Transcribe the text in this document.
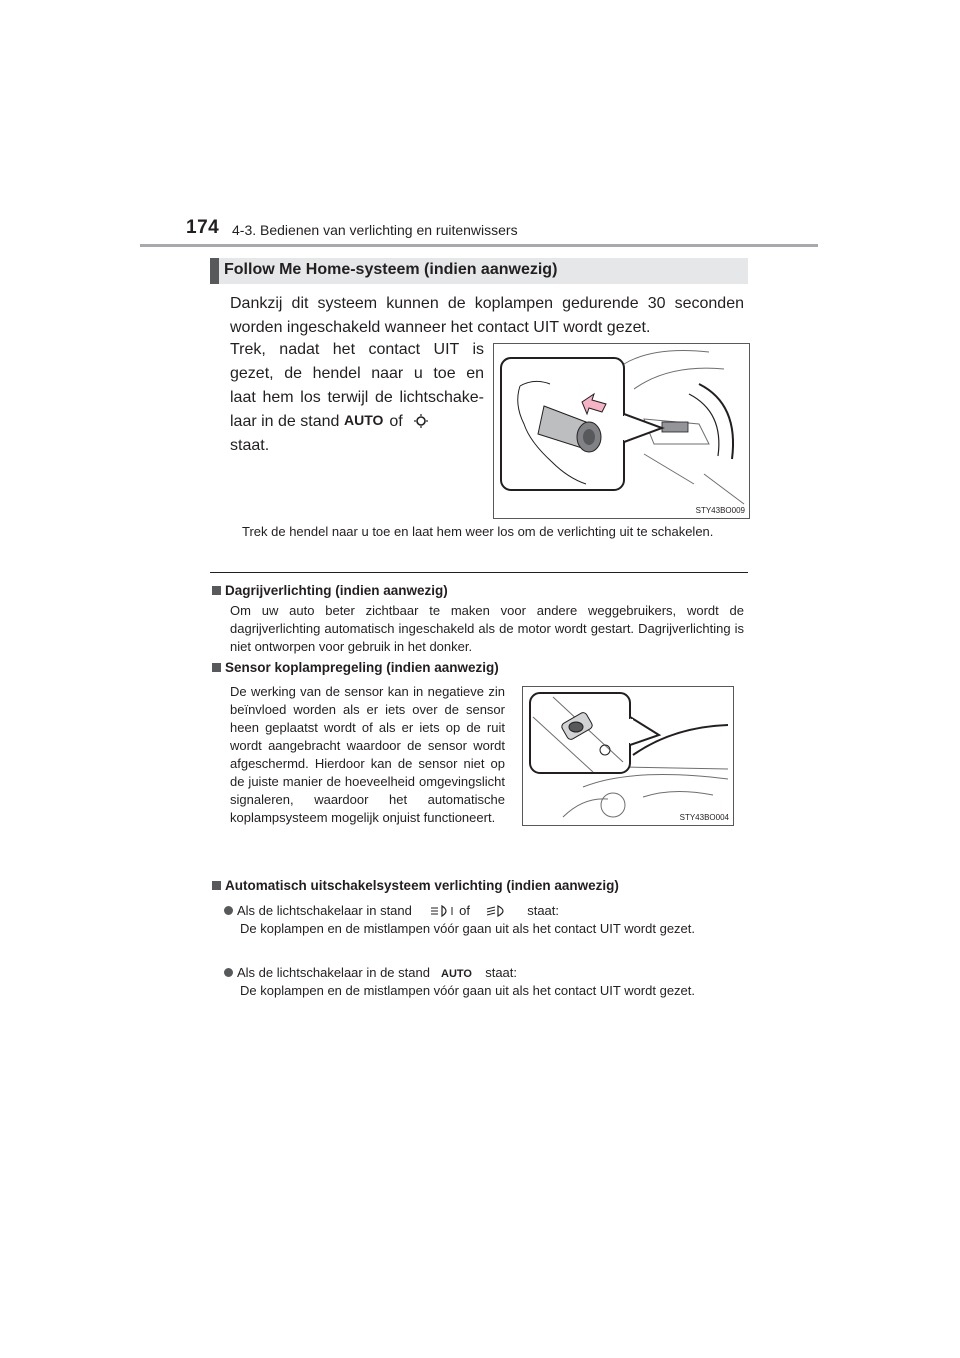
174 4-3. Bedienen van verlichting en ruitenwissers
Follow Me Home-systeem (indien aanwezig)
Dankzij dit systeem kunnen de koplampen gedurende 30 seconden worden ingeschakeld wanneer het contact UIT wordt gezet.
Trek, nadat het contact UIT is
gezet, de hendel naar u toe en
laat hem los terwijl de lichtschake-
laar in de stand AUTO of
staat.
STY43BO009
Trek de hendel naar u toe en laat hem weer los om de verlichting uit te schakelen.
Dagrijverlichting (indien aanwezig)
Om uw auto beter zichtbaar te maken voor andere weggebruikers, wordt de dagrijverlichting automatisch ingeschakeld als de motor wordt gestart. Dagrijverlichting is niet ontworpen voor gebruik in het donker.
Sensor koplampregeling (indien aanwezig)
De werking van de sensor kan in negatieve zin beïnvloed worden als er iets over de sensor heen geplaatst wordt of als er iets op de ruit wordt aangebracht waardoor de sensor wordt afgeschermd. Hierdoor kan de sensor niet op de juiste manier de hoeveelheid omgevingslicht signaleren, waardoor het automatische koplampsysteem mogelijk onjuist functioneert.	STY43BO004
Automatisch uitschakelsysteem verlichting (indien aanwezig)
Als de lichtschakelaar in stand	of	staat:
De koplampen en de mistlampen vóór gaan uit als het contact UIT wordt gezet.
Als de lichtschakelaar in de stand AUTO staat:
De koplampen en de mistlampen vóór gaan uit als het contact UIT wordt gezet.
